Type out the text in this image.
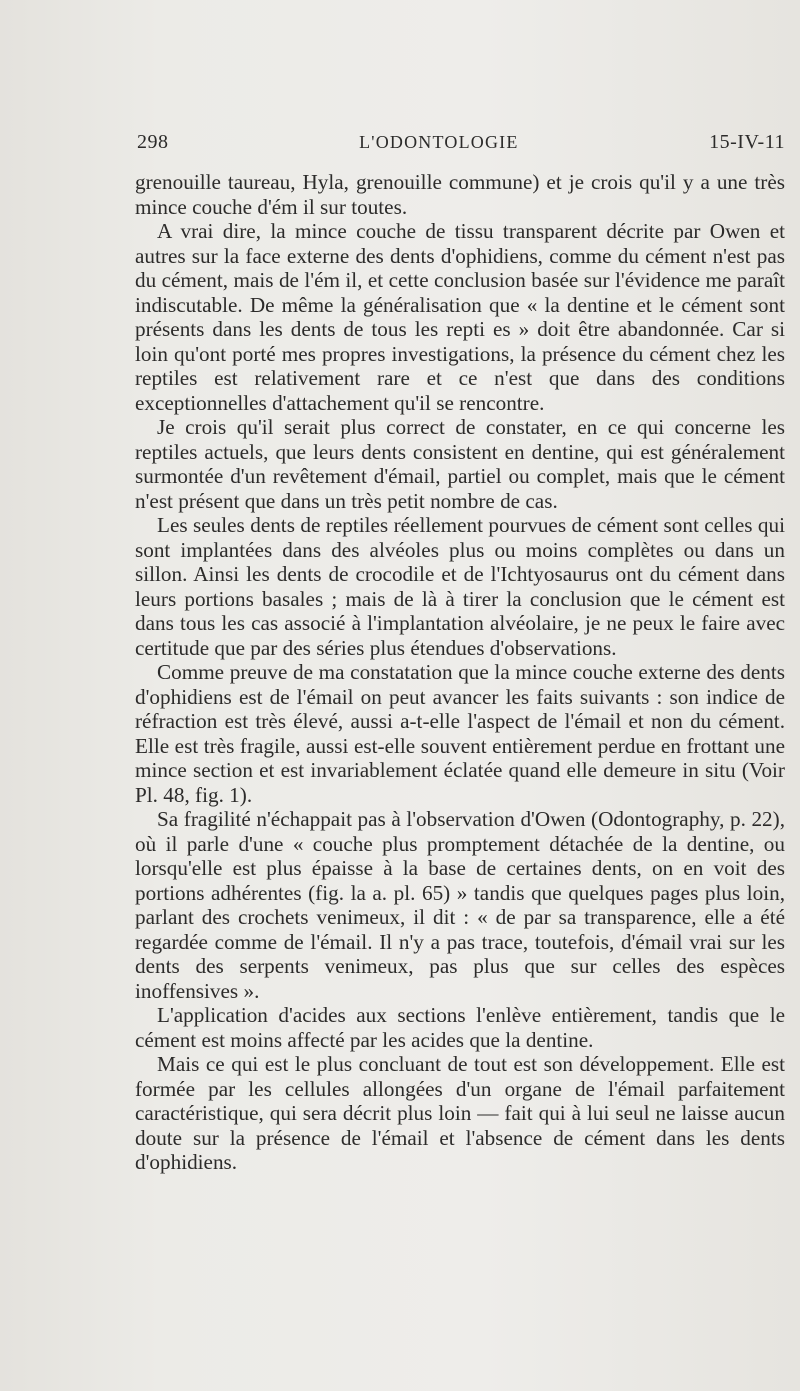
298	L'ODONTOLOGIE	15-IV-11

grenouille taureau, Hyla, grenouille commune) et je crois qu'il y a une très mince couche d'ém il sur toutes.

A vrai dire, la mince couche de tissu transparent décrite par Owen et autres sur la face externe des dents d'ophidiens, comme du cément n'est pas du cément, mais de l'ém il, et cette conclusion basée sur l'évidence me paraît indiscutable. De même la généralisation que « la dentine et le cément sont présents dans les dents de tous les repti es » doit être abandonnée. Car si loin qu'ont porté mes propres investigations, la présence du cément chez les reptiles est relativement rare et ce n'est que dans des conditions exceptionnelles d'attachement qu'il se rencontre.

Je crois qu'il serait plus correct de constater, en ce qui concerne les reptiles actuels, que leurs dents consistent en dentine, qui est généralement surmontée d'un revêtement d'émail, partiel ou complet, mais que le cément n'est présent que dans un très petit nombre de cas.

Les seules dents de reptiles réellement pourvues de cément sont celles qui sont implantées dans des alvéoles plus ou moins complètes ou dans un sillon. Ainsi les dents de crocodile et de l'Ichtyosaurus ont du cément dans leurs portions basales ; mais de là à tirer la conclusion que le cément est dans tous les cas associé à l'implantation alvéolaire, je ne peux le faire avec certitude que par des séries plus étendues d'observations.

Comme preuve de ma constatation que la mince couche externe des dents d'ophidiens est de l'émail on peut avancer les faits suivants : son indice de réfraction est très élevé, aussi a-t-elle l'aspect de l'émail et non du cément. Elle est très fragile, aussi est-elle souvent entièrement perdue en frottant une mince section et est invariablement éclatée quand elle demeure in situ (Voir Pl. 48, fig. 1).

Sa fragilité n'échappait pas à l'observation d'Owen (Odontography, p. 22), où il parle d'une « couche plus promptement détachée de la dentine, ou lorsqu'elle est plus épaisse à la base de certaines dents, on en voit des portions adhérentes (fig. la a. pl. 65) » tandis que quelques pages plus loin, parlant des crochets venimeux, il dit : « de par sa transparence, elle a été regardée comme de l'émail. Il n'y a pas trace, toutefois, d'émail vrai sur les dents des serpents venimeux, pas plus que sur celles des espèces inoffensives ».

L'application d'acides aux sections l'enlève entièrement, tandis que le cément est moins affecté par les acides que la dentine.

Mais ce qui est le plus concluant de tout est son développement. Elle est formée par les cellules allongées d'un organe de l'émail parfaitement caractéristique, qui sera décrit plus loin — fait qui à lui seul ne laisse aucun doute sur la présence de l'émail et l'absence de cément dans les dents d'ophidiens.
